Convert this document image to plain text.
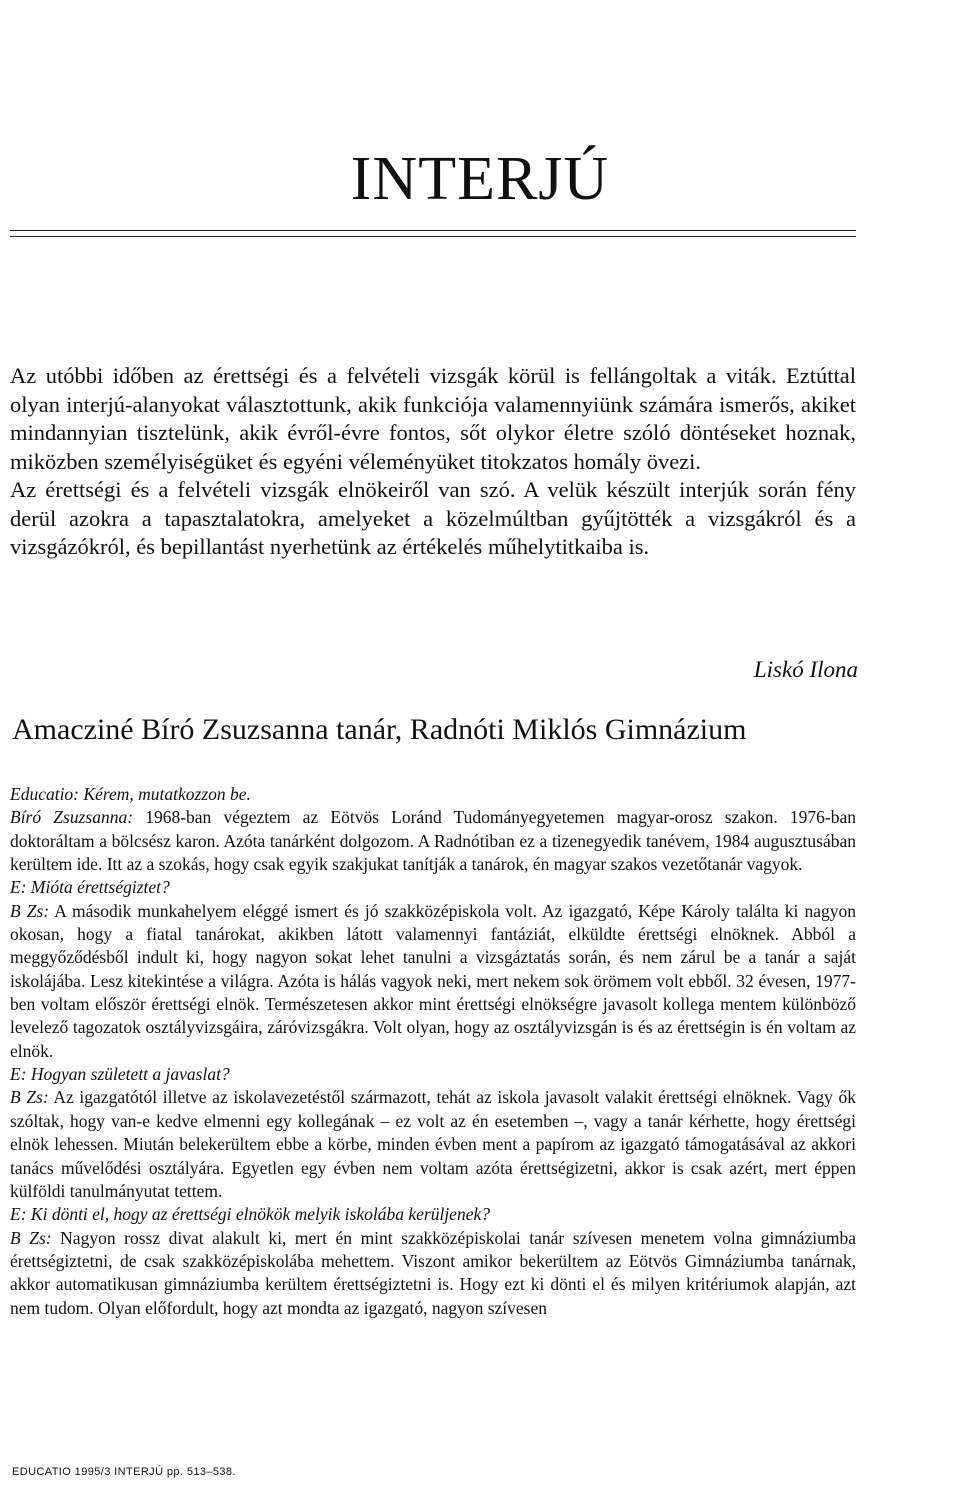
INTERJÚ

Az utóbbi időben az érettségi és a felvételi vizsgák körül is fellángoltak a viták. Eztúttal olyan interjú-alanyokat választottunk, akik funkciója valamennyiünk számára ismerős, akiket mindannyian tisztelünk, akik évről-évre fontos, sőt olykor életre szóló döntéseket hoznak, miközben személyiségüket és egyéni véleményüket titokzatos homály övezi.

Az érettségi és a felvételi vizsgák elnökeiről van szó. A velük készült interjúk során fény derül azokra a tapasztalatokra, amelyeket a közelmúltban gyűjtötték a vizsgákról és a vizsgázókról, és bepillantást nyerhetünk az értékelés műhelytitkaiba is.

Liskó Ilona
Amacziné Bíró Zsuzsanna tanár, Radnóti Miklós Gimnázium

Educatio: Kérem, mutatkozzon be.

Bíró Zsuzsanna: 1968-ban végeztem az Eötvös Loránd Tudományegyetemen magyar-orosz szakon. 1976-ban doktoráltam a bölcsész karon. Azóta tanárként dolgozom. A Radnótiban ez a tizenegyedik tanévem, 1984 augusztusában kerültem ide. Itt az a szokás, hogy csak egyik szakjukat tanítják a tanárok, én magyar szakos vezetőtanár vagyok.

E: Mióta érettségiztet?

B Zs: A második munkahelyem eléggé ismert és jó szakközépiskola volt. Az igazgató, Képe Károly találta ki nagyon okosan, hogy a fiatal tanárokat, akikben látott valamennyi fantáziát, elküldte érettségi elnöknek. Abból a meggyőződésből indult ki, hogy nagyon sokat lehet tanulni a vizsgáztatás során, és nem zárul be a tanár a saját iskolájába. Lesz kitekintése a világra. Azóta is hálás vagyok neki, mert nekem sok örömem volt ebből. 32 évesen, 1977-ben voltam először érettségi elnök. Természetesen akkor mint érettségi elnökségre javasolt kollega mentem különböző levelező tagozatok osztályvizsgáira, záróvizsgákra. Volt olyan, hogy az osztályvizsgán is és az érettségin is én voltam az elnök.

E: Hogyan született a javaslat?

B Zs: Az igazgatótól illetve az iskolavezetéstől származott, tehát az iskola javasolt valakit érettségi elnöknek. Vagy ők szóltak, hogy van-e kedve elmenni egy kollegának – ez volt az én esetemben –, vagy a tanár kérhette, hogy érettségi elnök lehessen. Miután belekerültem ebbe a körbe, minden évben ment a papírom az igazgató támogatásával az akkori tanács művelődési osztályára. Egyetlen egy évben nem voltam azóta érettségizetni, akkor is csak azért, mert éppen külföldi tanulmányutat tettem.

E: Ki dönti el, hogy az érettségi elnökök melyik iskolába kerüljenek?

B Zs: Nagyon rossz divat alakult ki, mert én mint szakközépiskolai tanár szívesen menetem volna gimnáziumba érettségiztetni, de csak szakközépiskolába mehettem. Viszont amikor bekerültem az Eötvös Gimnáziumba tanárnak, akkor automatikusan gimnáziumba kerültem érettségiztetni is. Hogy ezt ki dönti el és milyen kritériumok alapján, azt nem tudom. Olyan előfordult, hogy azt mondta az igazgató, nagyon szívesen

EDUCATIO 1995/3 INTERJÚ pp. 513–538.
